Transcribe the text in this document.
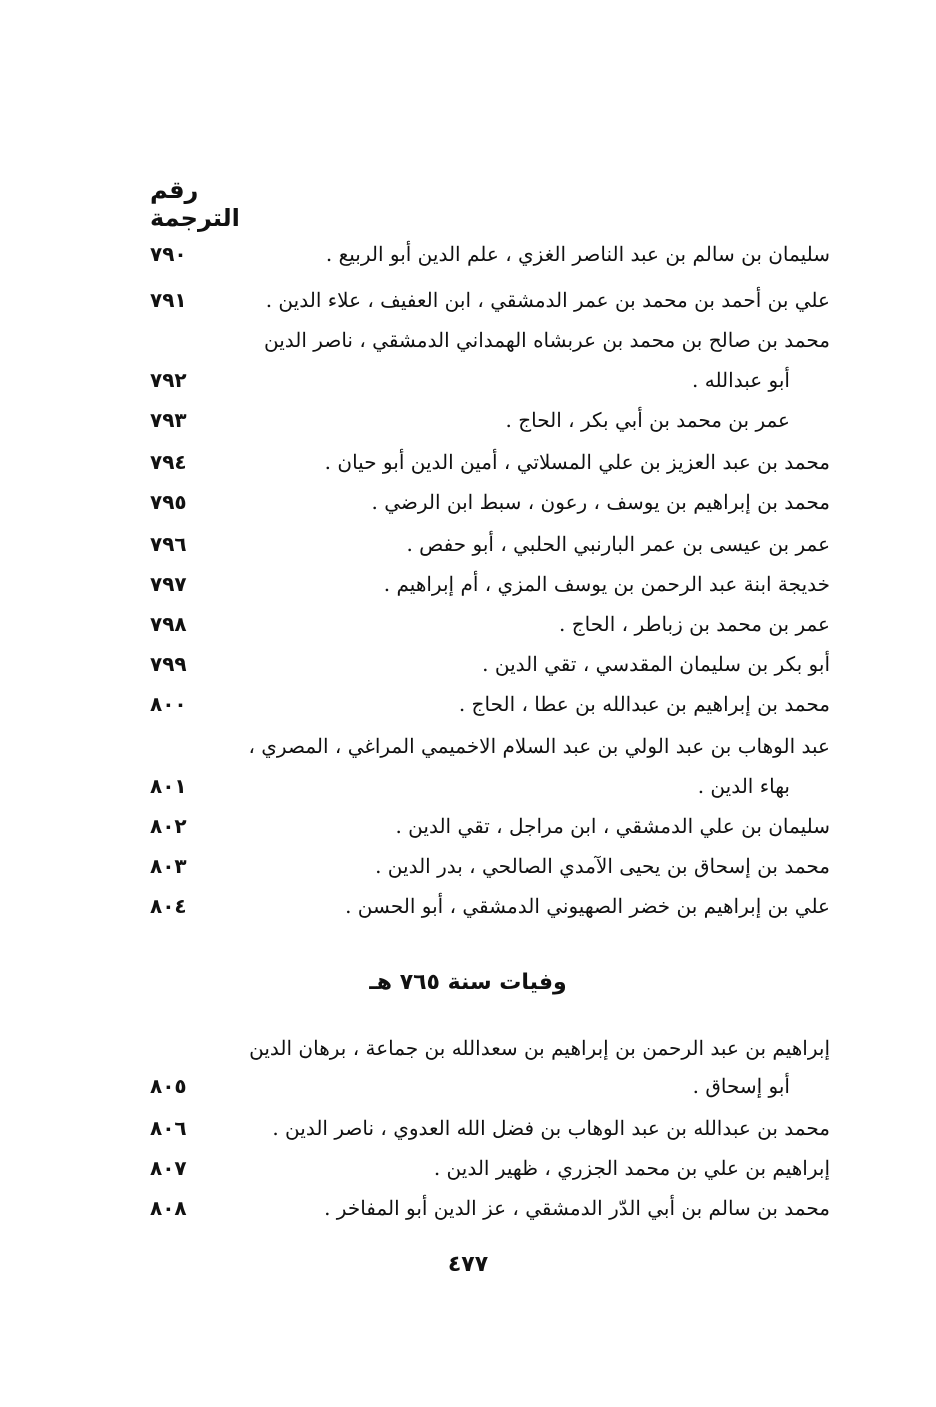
رقم الترجمة
سليمان بن سالم بن عبد الناصر الغزي ، علم الدين أبو الربيع .
٧٩٠
علي بن أحمد بن محمد بن عمر الدمشقي ، ابن العفيف ، علاء الدين .
٧٩١
محمد بن صالح بن محمد بن عربشاه الهمداني الدمشقي ، ناصر الدين
أبو عبدالله .
٧٩٢
عمر بن محمد بن أبي بكر ، الحاج .
٧٩٣
محمد بن عبد العزيز بن علي المسلاتي ، أمين الدين أبو حيان .
٧٩٤
محمد بن إبراهيم بن يوسف ، رعون ، سبط ابن الرضي .
٧٩٥
عمر بن عيسى بن عمر البارنبي الحلبي ، أبو حفص .
٧٩٦
خديجة ابنة عبد الرحمن بن يوسف المزي ، أم إبراهيم .
٧٩٧
عمر بن محمد بن زباطر ، الحاج .
٧٩٨
أبو بكر بن سليمان المقدسي ، تقي الدين .
٧٩٩
محمد بن إبراهيم بن عبدالله بن عطا ، الحاج .
٨٠٠
عبد الوهاب بن عبد الولي بن عبد السلام الاخميمي المراغي ، المصري ،
بهاء الدين .
٨٠١
سليمان بن علي الدمشقي ، ابن مراجل ، تقي الدين .
٨٠٢
محمد بن إسحاق بن يحيى الآمدي الصالحي ، بدر الدين .
٨٠٣
علي بن إبراهيم بن خضر الصهيوني الدمشقي ، أبو الحسن .
٨٠٤
وفيات سنة ٧٦٥ هـ
إبراهيم بن عبد الرحمن بن إبراهيم بن سعدالله بن جماعة ، برهان الدين
أبو إسحاق .
٨٠٥
محمد بن عبدالله بن عبد الوهاب بن فضل الله العدوي ، ناصر الدين .
٨٠٦
إبراهيم بن علي بن محمد الجزري ، ظهير الدين .
٨٠٧
محمد بن سالم بن أبي الدّر الدمشقي ، عز الدين أبو المفاخر .
٨٠٨
٤٧٧
